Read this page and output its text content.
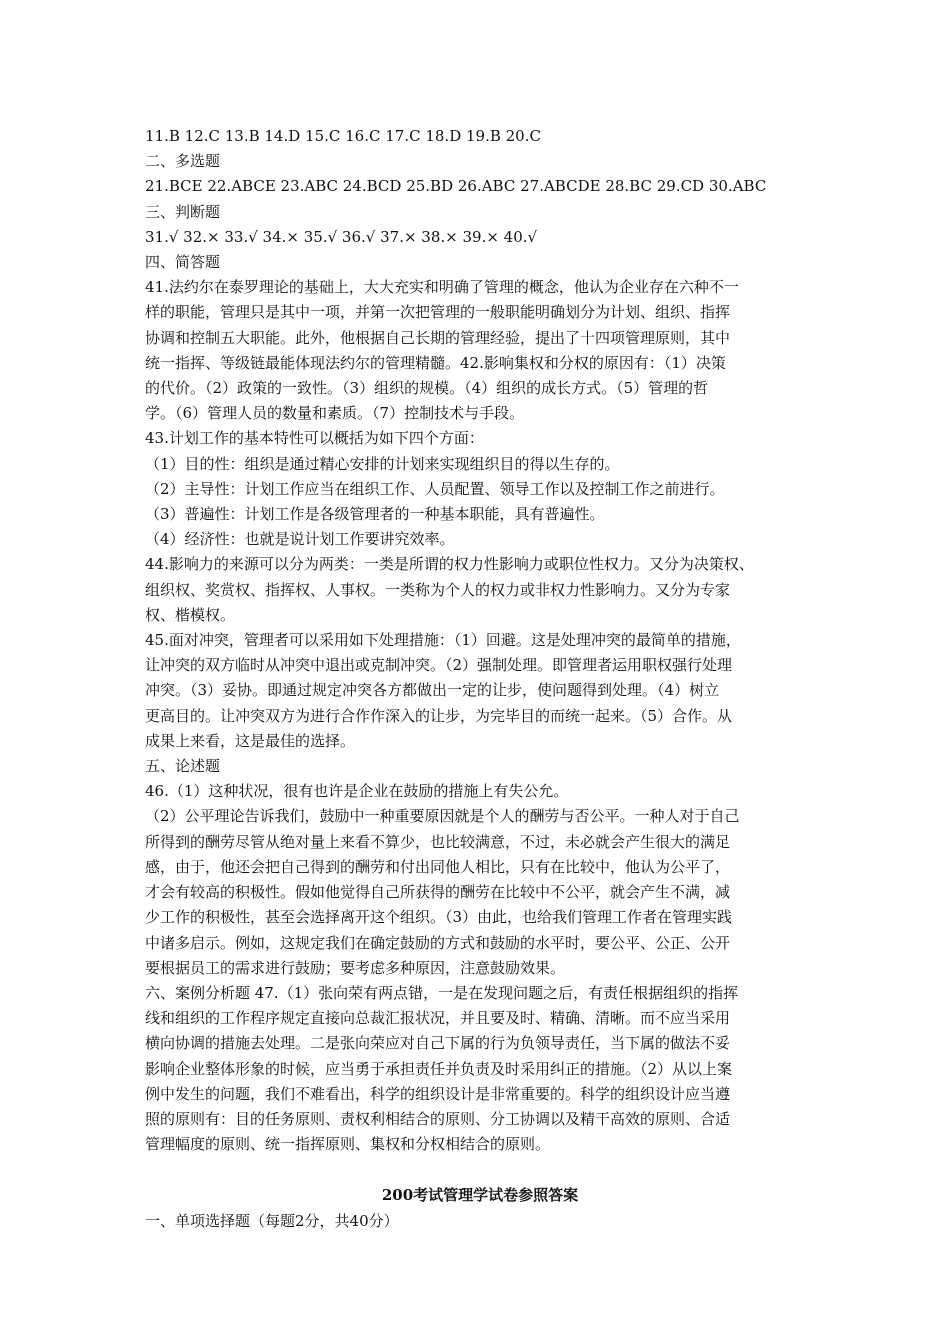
11.B 12.C 13.B 14.D 15.C 16.C 17.C 18.D 19.B 20.C
二、多选题
21.BCE 22.ABCE 23.ABC 24.BCD 25.BD 26.ABC 27.ABCDE 28.BC 29.CD 30.ABC
三、判断题
31.√ 32.× 33.√ 34.× 35.√ 36.√ 37.× 38.× 39.× 40.√
四、简答题
41.法约尔在泰罗理论的基础上，大大充实和明确了管理的概念，他认为企业存在六种不一
样的职能，管理只是其中一项，并第一次把管理的一般职能明确划分为计划、组织、指挥
协调和控制五大职能。此外，他根据自己长期的管理经验，提出了十四项管理原则，其中
统一指挥、等级链最能体现法约尔的管理精髓。42.影响集权和分权的原因有：（1）决策
的代价。（2）政策的一致性。（3）组织的规模。（4）组织的成长方式。（5）管理的哲
学。（6）管理人员的数量和素质。（7）控制技术与手段。
43.计划工作的基本特性可以概括为如下四个方面：
（1）目的性：组织是通过精心安排的计划来实现组织目的得以生存的。
（2）主导性：计划工作应当在组织工作、人员配置、领导工作以及控制工作之前进行。
（3）普遍性：计划工作是各级管理者的一种基本职能，具有普遍性。
（4）经济性：也就是说计划工作要讲究效率。
44.影响力的来源可以分为两类：一类是所谓的权力性影响力或职位性权力。又分为决策权、
组织权、奖赏权、指挥权、人事权。一类称为个人的权力或非权力性影响力。又分为专家
权、楷模权。
45.面对冲突，管理者可以采用如下处理措施：（1）回避。这是处理冲突的最简单的措施，
让冲突的双方临时从冲突中退出或克制冲突。（2）强制处理。即管理者运用职权强行处理
冲突。（3）妥协。即通过规定冲突各方都做出一定的让步，使问题得到处理。（4）树立
更高目的。让冲突双方为进行合作作深入的让步，为完毕目的而统一起来。（5）合作。从
成果上来看，这是最佳的选择。
五、论述题
46.（1）这种状况，很有也许是企业在鼓励的措施上有失公允。
（2）公平理论告诉我们，鼓励中一种重要原因就是个人的酬劳与否公平。一种人对于自己
所得到的酬劳尽管从绝对量上来看不算少，也比较满意，不过，未必就会产生很大的满足
感，由于，他还会把自己得到的酬劳和付出同他人相比，只有在比较中，他认为公平了，
才会有较高的积极性。假如他觉得自己所获得的酬劳在比较中不公平，就会产生不满，减
少工作的积极性，甚至会选择离开这个组织。（3）由此，也给我们管理工作者在管理实践
中诸多启示。例如，这规定我们在确定鼓励的方式和鼓励的水平时，要公平、公正、公开
要根据员工的需求进行鼓励；要考虑多种原因，注意鼓励效果。
六、案例分析题 47.（1）张向荣有两点错，一是在发现问题之后，有责任根据组织的指挥
线和组织的工作程序规定直接向总裁汇报状况，并且要及时、精确、清晰。而不应当采用
横向协调的措施去处理。二是张向荣应对自己下属的行为负领导责任，当下属的做法不妥
影响企业整体形象的时候，应当勇于承担责任并负责及时采用纠正的措施。（2）从以上案
例中发生的问题，我们不难看出，科学的组织设计是非常重要的。科学的组织设计应当遵
照的原则有：目的任务原则、责权利相结合的原则、分工协调以及精干高效的原则、合适
管理幅度的原则、统一指挥原则、集权和分权相结合的原则。
200考试管理学试卷参照答案
一、单项选择题（每题2分，共40分）
